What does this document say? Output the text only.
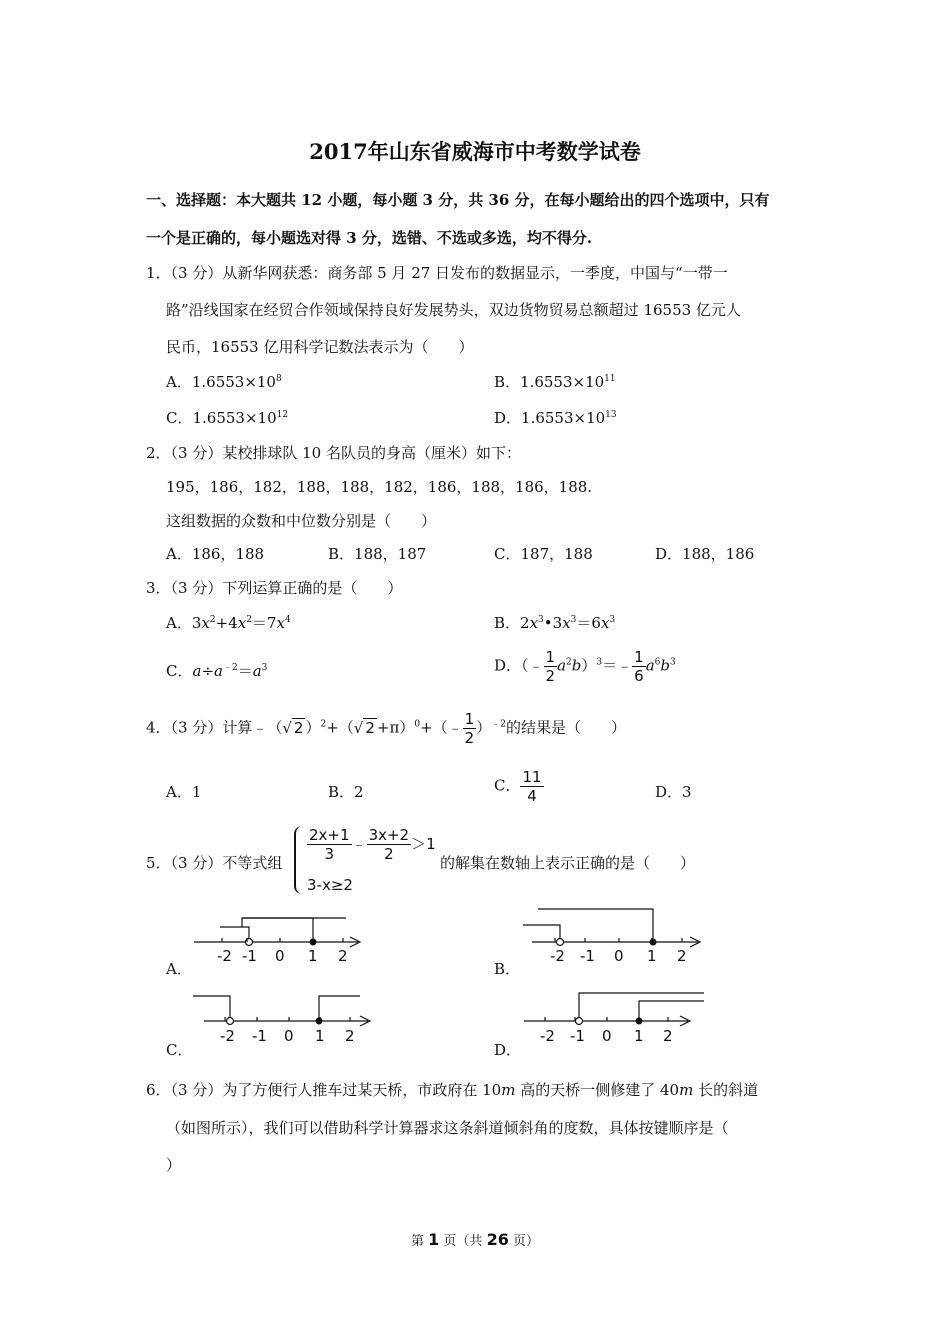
2017年山东省威海市中考数学试卷
一、选择题：本大题共 12 小题，每小题 3 分，共 36 分，在每小题给出的四个选项中，只有
一个是正确的，每小题选对得 3 分，选错、不选或多选，均不得分.
1．（3 分）从新华网获悉：商务部 5 月 27 日发布的数据显示，一季度，中国与“一带一
路”沿线国家在经贸合作领域保持良好发展势头，双边货物贸易总额超过 16553 亿元人
民币，16553 亿用科学记数法表示为（　　）
A．$1.6553\times 10^8$	B．$1.6553\times 10^{11}$
C．$1.6553\times 10^{12}$	D．$1.6553\times 10^{13}$
2．（3 分）某校排球队 10 名队员的身高（厘米）如下：
195，186，182，188，188，182，186，188，186，188.
这组数据的众数和中位数分别是（　　）
A．186，188	B．188，187	C．187，188	D．188，186
3．（3 分）下列运算正确的是（　　）
A．$3x^2+4x^2=7x^4$	B．$2x^3•3x^3=6x^3$
C．$a\div a^{﹣2}=a^3$	D．（﹣ $\frac{1}{2}$ $a^2b)^3=﹣ \frac{1}{6} a^6b^3$
4．（3 分）计算﹣（√ 2 ）$^2$+（√ 2 +π）$^0$+（﹣ $\frac{1}{2} )^{﹣2}$的结果是（　　）
A．1	B．2	C． $\frac{11}{4}$	D．3
5．（3 分）不等式组 $\frac{2x+1}{3}$ ﹣ $\frac{3x+2}{2} >1$
3-x≥2
的解集在数轴上表示正确的是（　　）
A．	B．
C．	D．
-2 -1 0 1 2	-2 -1 0 1 2
-2 -1 0 1 2	-2 -1 0 1 2
6．（3 分）为了方便行人推车过某天桥，市政府在 10m 高的天桥一侧修建了 40m 长的斜道
（如图所示），我们可以借助科学计算器求这条斜道倾斜角的度数，具体按键顺序是（
）
第 1 页（共 26 页）
